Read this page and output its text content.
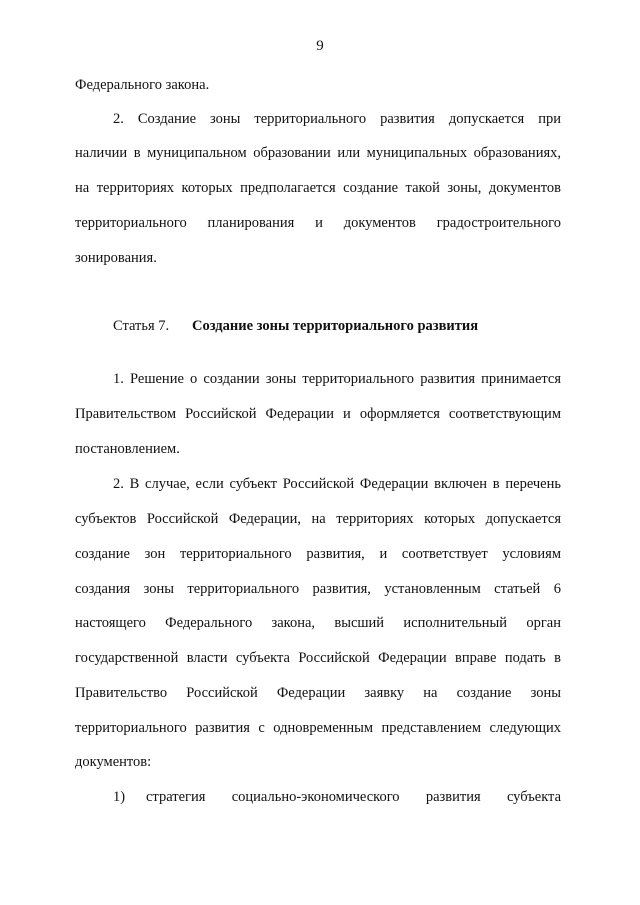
9
Федерального закона.
2. Создание зоны территориального развития допускается при
наличии в муниципальном образовании или муниципальных образованиях,
на территориях которых предполагается создание такой зоны, документов
территориального планирования и документов градостроительного
зонирования.
Статья 7. Создание зоны территориального развития
1. Решение о создании зоны территориального развития принимается
Правительством Российской Федерации и оформляется соответствующим
постановлением.
2. В случае, если субъект Российской Федерации включен в перечень
субъектов Российской Федерации, на территориях которых допускается
создание зон территориального развития, и соответствует условиям
создания зоны территориального развития, установленным статьей 6
настоящего Федерального закона, высший исполнительный орган
государственной власти субъекта Российской Федерации вправе подать в
Правительство Российской Федерации заявку на создание зоны
территориального развития с одновременным представлением следующих
документов:
1) стратегия социально-экономического развития субъекта
